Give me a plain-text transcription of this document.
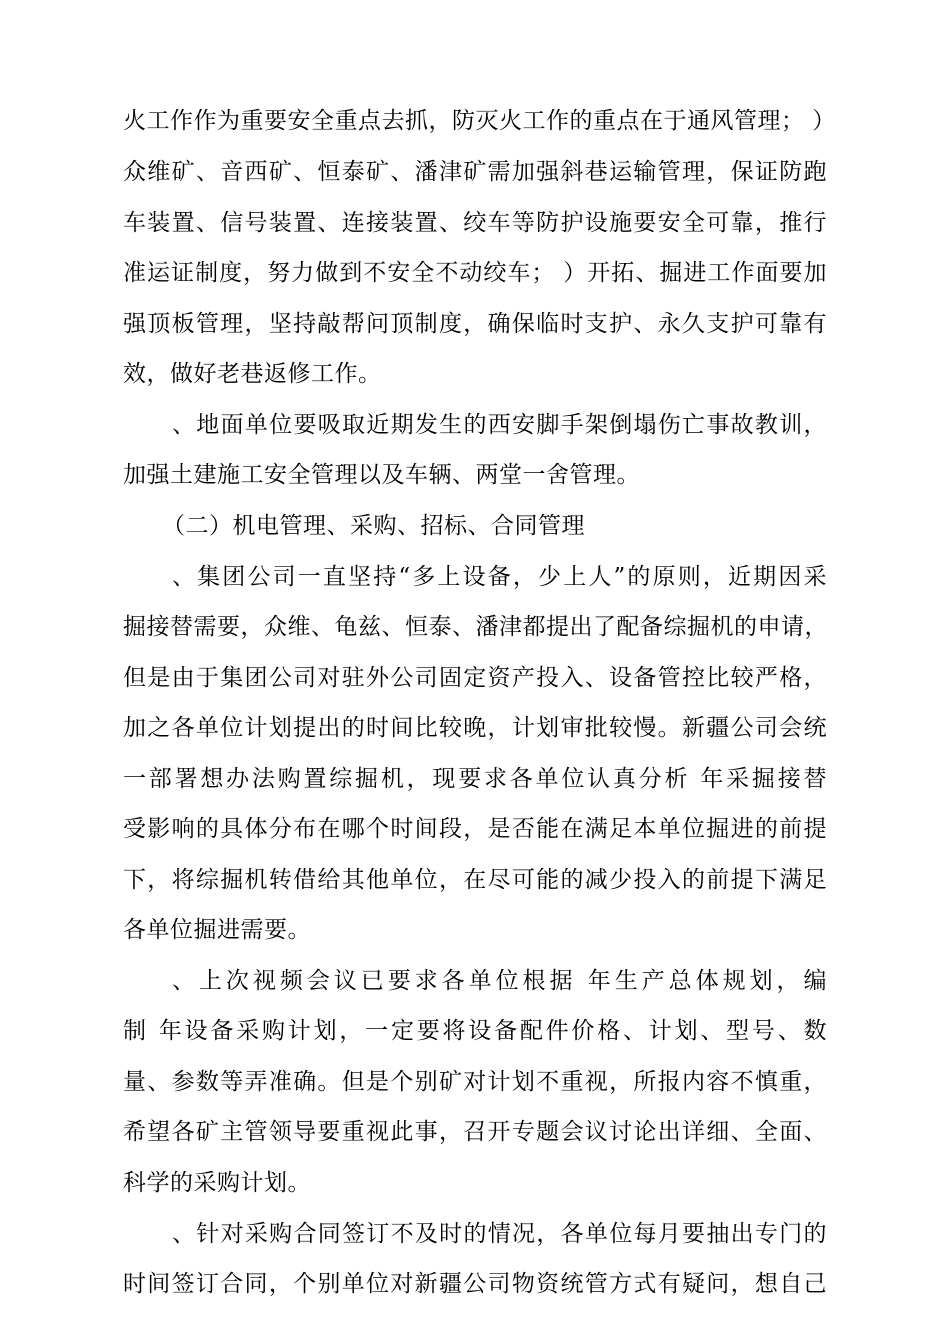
火工作作为重要安全重点去抓，防灭火工作的重点在于通风管理； ）
众维矿、音西矿、恒泰矿、潘津矿需加强斜巷运输管理，保证防跑
车装置、信号装置、连接装置、绞车等防护设施要安全可靠，推行
准运证制度，努力做到不安全不动绞车； ）开拓、掘进工作面要加
强顶板管理，坚持敲帮问顶制度，确保临时支护、永久支护可靠有
效，做好老巷返修工作。
、地面单位要吸取近期发生的西安脚手架倒塌伤亡事故教训，
加强土建施工安全管理以及车辆、两堂一舍管理。
（二）机电管理、采购、招标、合同管理
、集团公司一直坚持“多上设备，少上人”的原则，近期因采
掘接替需要，众维、龟兹、恒泰、潘津都提出了配备综掘机的申请，
但是由于集团公司对驻外公司固定资产投入、设备管控比较严格，
加之各单位计划提出的时间比较晚，计划审批较慢。新疆公司会统
一部署想办法购置综掘机，现要求各单位认真分析 年采掘接替
受影响的具体分布在哪个时间段，是否能在满足本单位掘进的前提
下，将综掘机转借给其他单位，在尽可能的减少投入的前提下满足
各单位掘进需要。
、上次视频会议已要求各单位根据 年生产总体规划，编
制 年设备采购计划，一定要将设备配件价格、计划、型号、数
量、参数等弄准确。但是个别矿对计划不重视，所报内容不慎重，
希望各矿主管领导要重视此事，召开专题会议讨论出详细、全面、
科学的采购计划。
、针对采购合同签订不及时的情况，各单位每月要抽出专门的
时间签订合同，个别单位对新疆公司物资统管方式有疑问，想自己
